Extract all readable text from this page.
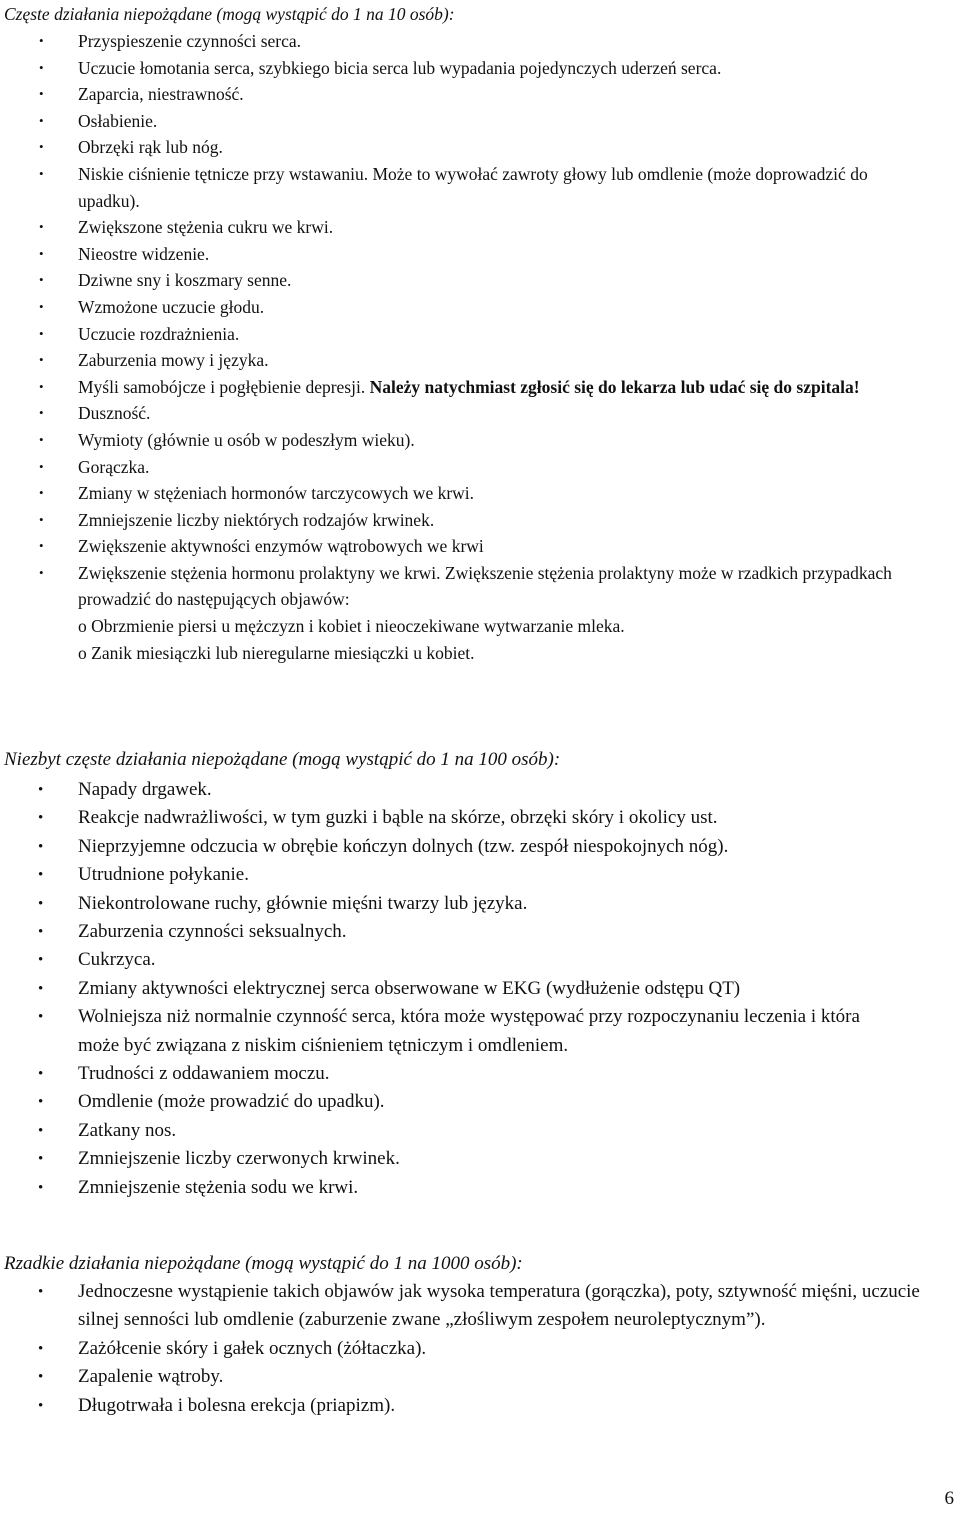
Częste działania niepożądane (mogą wystąpić do 1 na 10 osób):

• Przyspieszenie czynności serca.
• Uczucie łomotania serca, szybkiego bicia serca lub wypadania pojedynczych uderzeń serca.
• Zaparcia, niestrawność.
• Osłabienie.
• Obrzęki rąk lub nóg.
• Niskie ciśnienie tętnicze przy wstawaniu. Może to wywołać zawroty głowy lub omdlenie (może doprowadzić do upadku).
• Zwiększone stężenia cukru we krwi.
• Nieostre widzenie.
• Dziwne sny i koszmary senne.
• Wzmożone uczucie głodu.
• Uczucie rozdrażnienia.
• Zaburzenia mowy i języka.
• Myśli samobójcze i pogłębienie depresji. Należy natychmiast zgłosić się do lekarza lub udać się do szpitala!
• Duszność.
• Wymioty (głównie u osób w podeszłym wieku).
• Gorączka.
• Zmiany w stężeniach hormonów tarczycowych we krwi.
• Zmniejszenie liczby niektórych rodzajów krwinek.
• Zwiększenie aktywności enzymów wątrobowych we krwi
• Zwiększenie stężenia hormonu prolaktyny we krwi. Zwiększenie stężenia prolaktyny może w rzadkich przypadkach prowadzić do następujących objawów:
o Obrzmienie piersi u mężczyzn i kobiet i nieoczekiwane wytwarzanie mleka.
o Zanik miesiączki lub nieregularne miesiączki u kobiet.

Niezbyt częste działania niepożądane (mogą wystąpić do 1 na 100 osób):

• Napady drgawek.
• Reakcje nadwrażliwości, w tym guzki i bąble na skórze, obrzęki skóry i okolicy ust.
• Nieprzyjemne odczucia w obrębie kończyn dolnych (tzw. zespół niespokojnych nóg).
• Utrudnione połykanie.
• Niekontrolowane ruchy, głównie mięśni twarzy lub języka.
• Zaburzenia czynności seksualnych.
• Cukrzyca.
• Zmiany aktywności elektrycznej serca obserwowane w EKG (wydłużenie odstępu QT)
• Wolniejsza niż normalnie czynność serca, która może występować przy rozpoczynaniu leczenia i która może być związana z niskim ciśnieniem tętniczym i omdleniem.
• Trudności z oddawaniem moczu.
• Omdlenie (może prowadzić do upadku).
• Zatkany nos.
• Zmniejszenie liczby czerwonych krwinek.
• Zmniejszenie stężenia sodu we krwi.

Rzadkie działania niepożądane (mogą wystąpić do 1 na 1000 osób):

• Jednoczesne wystąpienie takich objawów jak wysoka temperatura (gorączka), poty, sztywność mięśni, uczucie silnej senności lub omdlenie (zaburzenie zwane „złośliwym zespołem neuroleptycznym”).
• Zażółcenie skóry i gałek ocznych (żółtaczka).
• Zapalenie wątroby.
• Długotrwała i bolesna erekcja (priapizm).

6
